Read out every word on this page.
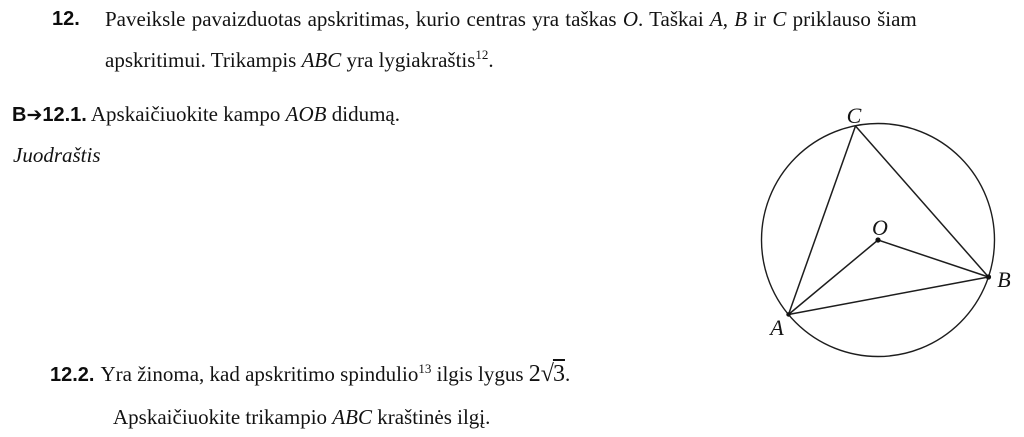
12. Paveiksle pavaizduotas apskritimas, kurio centras yra taškas O. Taškai A, B ir C priklauso šiam
apskritimui. Trikampis ABC yra lygiakraštis$^{12}$.
B➔12.1. Apskaičiuokite kampo AOB didumą.
Juodraštis
C
O
B
A
12.2. Yra žinoma, kad apskritimo spindulio$^{13}$ ilgis lygus 2√3.
Apskaičiuokite trikampio ABC kraštinės ilgį.
